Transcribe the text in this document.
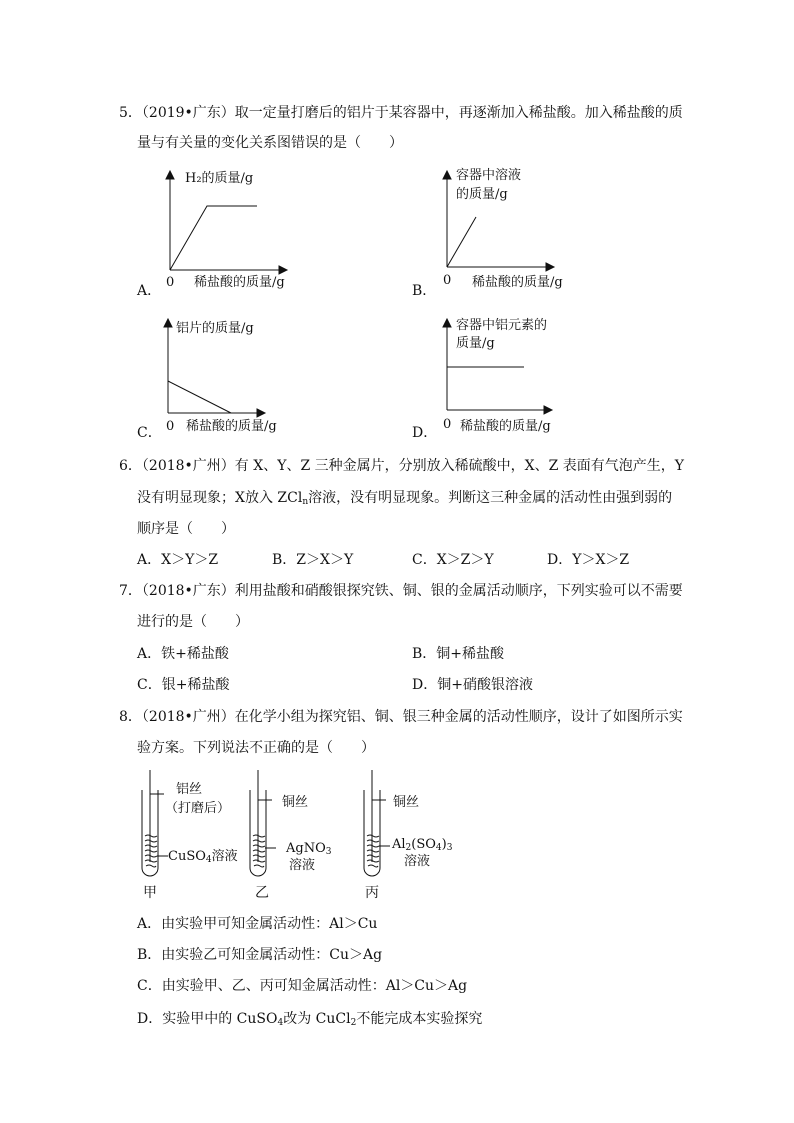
5．（2019•广东）取一定量打磨后的铝片于某容器中，再逐渐加入稀盐酸。加入稀盐酸的质
量与有关量的变化关系图错误的是（　　）
H₂的质量/g
0 稀盐酸的质量/g
A．
容器中溶液
的质量/g
0 稀盐酸的质量/g
B．
铝片的质量/g
0 稀盐酸的质量/g
C．
容器中铝元素的
质量/g
0 稀盐酸的质量/g
D．
6．（2018•广州）有 X、Y、Z 三种金属片，分别放入稀硫酸中，X、Z 表面有气泡产生，Y
没有明显现象；X放入 ZCl$_n$溶液，没有明显现象。判断这三种金属的活动性由强到弱的
顺序是（　　）
A．X＞Y＞Z	B．Z＞X＞Y	C．X＞Z＞Y	D．Y＞X＞Z
7．（2018•广东）利用盐酸和硝酸银探究铁、铜、银的金属活动顺序，下列实验可以不需要
进行的是（　　）
A．铁+稀盐酸	B．铜+稀盐酸
C．银+稀盐酸	D．铜+硝酸银溶液
8．（2018•广州）在化学小组为探究铝、铜、银三种金属的活动性顺序，设计了如图所示实
验方案。下列说法不正确的是（　　）
铝丝
（打磨后）
CuSO$_4$溶液
甲
铜丝
AgNO$_3$
溶液
乙
铜丝
$Al_2(SO_4)_3$
溶液
丙
A．由实验甲可知金属活动性：Al＞Cu
B．由实验乙可知金属活动性：Cu＞Ag
C．由实验甲、乙、丙可知金属活动性：Al＞Cu＞Ag
D．实验甲中的 CuSO$_4$改为 CuCl$_2$不能完成本实验探究
